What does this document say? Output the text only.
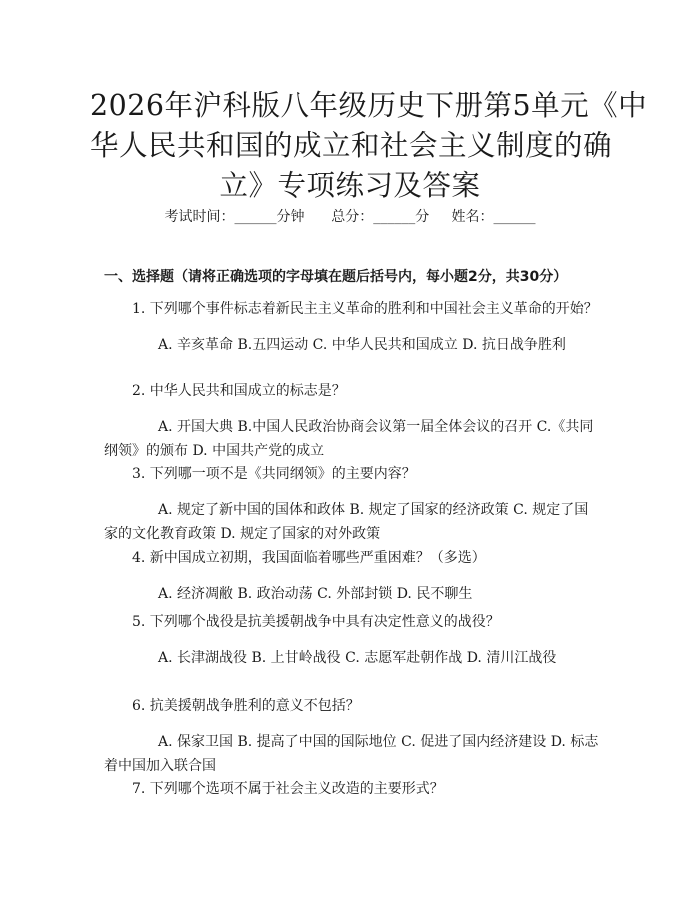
2026年沪科版八年级历史下册第5单元《中
华人民共和国的成立和社会主义制度的确
立》专项练习及答案
考试时间：______分钟 总分：______分 姓名：______
一、选择题（请将正确选项的字母填在题后括号内，每小题2分，共30分）
1. 下列哪个事件标志着新民主主义革命的胜利和中国社会主义革命的开始？
A. 辛亥革命 B.五四运动 C. 中华人民共和国成立 D. 抗日战争胜利
2. 中华人民共和国成立的标志是？
A. 开国大典 B.中国人民政治协商会议第一届全体会议的召开 C.《共同纲领》的颁布 D. 中国共产党的成立
3. 下列哪一项不是《共同纲领》的主要内容？
A. 规定了新中国的国体和政体 B. 规定了国家的经济政策 C. 规定了国家的文化教育政策 D. 规定了国家的对外政策
4. 新中国成立初期，我国面临着哪些严重困难？（多选）
A. 经济凋敝 B. 政治动荡 C. 外部封锁 D. 民不聊生
5. 下列哪个战役是抗美援朝战争中具有决定性意义的战役？
A. 长津湖战役 B. 上甘岭战役 C. 志愿军赴朝作战 D. 清川江战役
6. 抗美援朝战争胜利的意义不包括？
A. 保家卫国 B. 提高了中国的国际地位 C. 促进了国内经济建设 D. 标志着中国加入联合国
7. 下列哪个选项不属于社会主义改造的主要形式？
